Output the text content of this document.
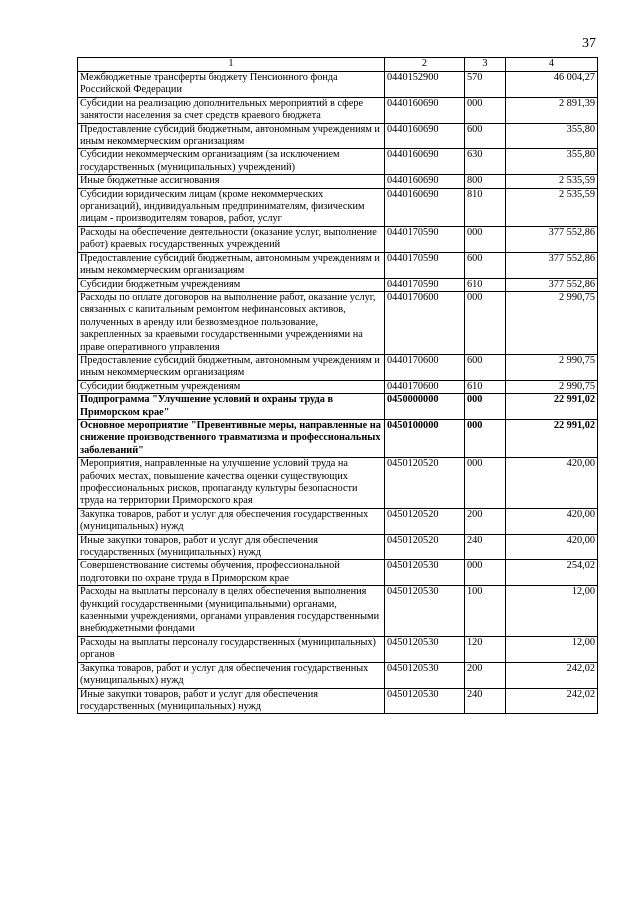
37
1	2	3	4
Межбюджетные трансферты бюджету Пенсионного фонда Российской Федерации	0440152900	570	46 004,27
Субсидии на реализацию дополнительных мероприятий в сфере занятости населения за счет средств краевого бюджета	0440160690	000	2 891,39
Предоставление субсидий бюджетным, автономным учреждениям и иным некоммерческим организациям	0440160690	600	355,80
Субсидии некоммерческим организациям (за исключением государственных (муниципальных) учреждений)	0440160690	630	355,80
Иные бюджетные ассигнования	0440160690	800	2 535,59
Субсидии юридическим лицам (кроме некоммерческих организаций), индивидуальным предпринимателям, физическим лицам - производителям товаров, работ, услуг	0440160690	810	2 535,59
Расходы на обеспечение деятельности (оказание услуг, выполнение работ) краевых государственных учреждений	0440170590	000	377 552,86
Предоставление субсидий бюджетным, автономным учреждениям и иным некоммерческим организациям	0440170590	600	377 552,86
Субсидии бюджетным учреждениям	0440170590	610	377 552,86
Расходы по оплате договоров на выполнение работ, оказание услуг, связанных с капитальным ремонтом нефинансовых активов, полученных в аренду или безвозмездное пользование, закрепленных за краевыми государственными учреждениями на праве оперативного управления	0440170600	000	2 990,75
Предоставление субсидий бюджетным, автономным учреждениям и иным некоммерческим организациям	0440170600	600	2 990,75
Субсидии бюджетным учреждениям	0440170600	610	2 990,75
Подпрограмма "Улучшение условий и охраны труда в Приморском крае"	0450000000	000	22 991,02
Основное мероприятие "Превентивные меры, направленные на снижение производственного травматизма и профессиональных заболеваний"	0450100000	000	22 991,02
Мероприятия, направленные на улучшение условий труда на рабочих местах, повышение качества оценки существующих профессиональных рисков, пропаганду культуры безопасности труда на территории Приморского края	0450120520	000	420,00
Закупка товаров, работ и услуг для обеспечения государственных (муниципальных) нужд	0450120520	200	420,00
Иные закупки товаров, работ и услуг для обеспечения государственных (муниципальных) нужд	0450120520	240	420,00
Совершенствование системы обучения, профессиональной подготовки по охране труда в Приморском крае	0450120530	000	254,02
Расходы на выплаты персоналу в целях обеспечения выполнения функций государственными (муниципальными) органами, казенными учреждениями, органами управления государственными внебюджетными фондами	0450120530	100	12,00
Расходы на выплаты персоналу государственных (муниципальных) органов	0450120530	120	12,00
Закупка товаров, работ и услуг для обеспечения государственных (муниципальных) нужд	0450120530	200	242,02
Иные закупки товаров, работ и услуг для обеспечения государственных (муниципальных) нужд	0450120530	240	242,02
